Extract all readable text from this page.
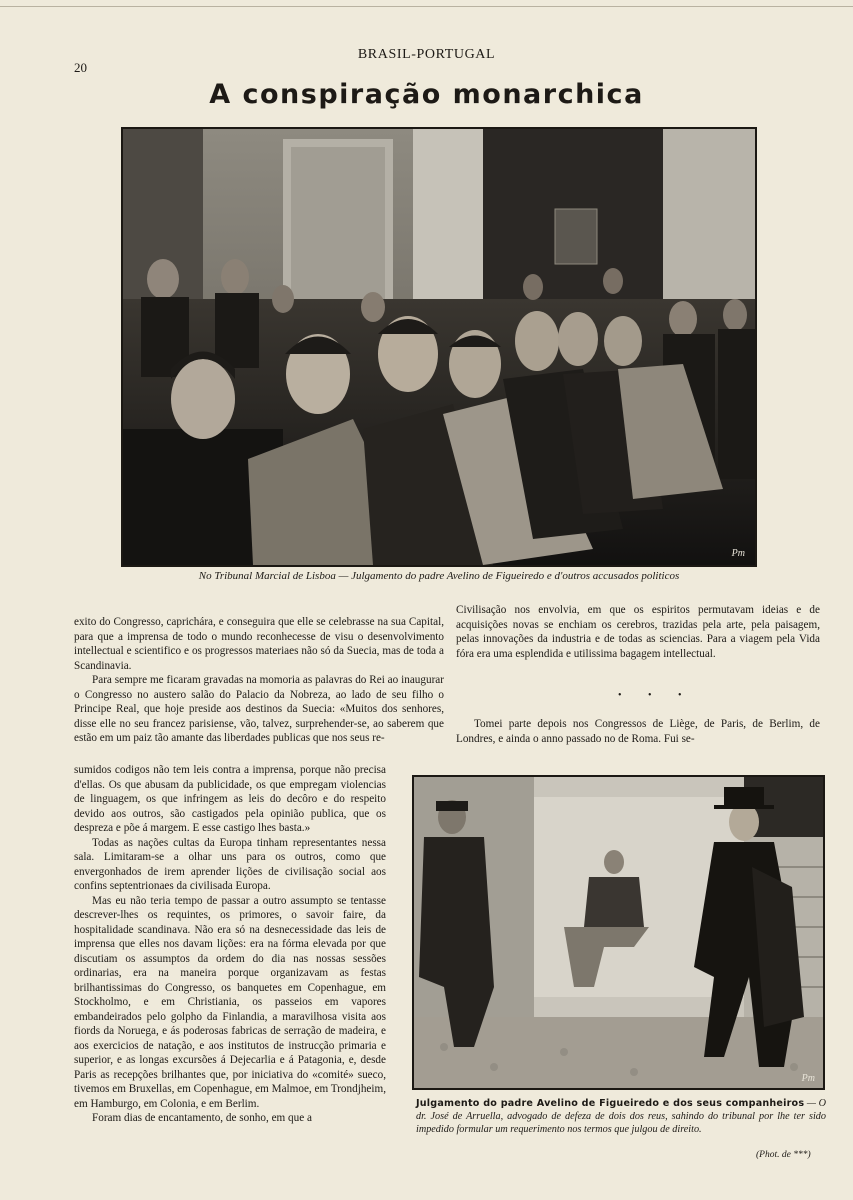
20
BRASIL-PORTUGAL
A conspiração monarchica
Pm
No Tribunal Marcial de Lisboa — Julgamento do padre Avelino de Figueiredo e d'outros accusados politicos

exito do Congresso, caprichára, e conseguira que elle se celebrasse na sua Capital, para que a imprensa de todo o mundo reconhecesse de visu o desenvolvimento intellectual e scientifico e os progressos materiaes não só da Suecia, mas de toda a Scandinavia.

Para sempre me ficaram gravadas na momoria as palavras do Rei ao inaugurar o Congresso no austero salão do Palacio da Nobreza, ao lado de seu filho o Principe Real, que hoje preside aos destinos da Suecia: «Muitos dos senhores, disse elle no seu francez parisiense, vão, talvez, surprehender-se, ao saberem que estão em um paiz tão amante das liberdades publicas que nos seus re-

sumidos codigos não tem leis contra a imprensa, porque não precisa d'ellas. Os que abusam da publicidade, os que empregam violencias de linguagem, os que infringem as leis do decôro e do respeito devido aos outros, são castigados pela opinião publica, que os despreza e põe á margem. E esse castigo lhes basta.»

Todas as nações cultas da Europa tinham representantes nessa sala. Limitaram-se a olhar uns para os outros, como que envergonhados de irem aprender lições de civilisação social aos confins septentrionaes da civilisada Europa.

Mas eu não teria tempo de passar a outro assumpto se tentasse descrever-lhes os requintes, os primores, o savoir faire, da hospitalidade scandinava. Não era só na desnecessidade das leis de imprensa que elles nos davam lições: era na fórma elevada por que discutiam os assumptos da ordem do dia nas nossas sessões ordinarias, era na maneira porque organizavam as festas brilhantissimas do Congresso, os banquetes em Copenhague, em Stockholmo, e em Christiania, os passeios em vapores embandeirados pelo golpho da Finlandia, a maravilhosa visita aos fiords da Noruega, e ás poderosas fabricas de serração de madeira, e aos exercicios de natação, e aos institutos de instrucção primaria e superior, e as longas excursões á Dejecarlia e á Patagonia, e, desde Paris as recepções brilhantes que, por iniciativa do «comité» sueco, tivemos em Bruxellas, em Copenhague, em Malmoe, em Trondjheim, em Hamburgo, em Colonia, e em Berlim.

Foram dias de encantamento, de sonho, em que a

Civilisação nos envolvia, em que os espiritos permutavam ideias e de acquisições novas se enchiam os cerebros, trazidas pela arte, pela paisagem, pelas innovações da industria e de todas as sciencias. Para a viagem pela Vida fóra era uma esplendida e utilissima bagagem intellectual.
• • •

Tomei parte depois nos Congressos de Liège, de Paris, de Berlim, de Londres, e ainda o anno passado no de Roma. Fui se-

Pm
Julgamento do padre Avelino de Figueiredo e dos seus companheiros — O dr. José de Arruella, advogado de defeza de dois dos reus, sahindo do tribunal por lhe ter sido impedido formular um requerimento nos termos que julgou de direito.
(Phot. de ***)
